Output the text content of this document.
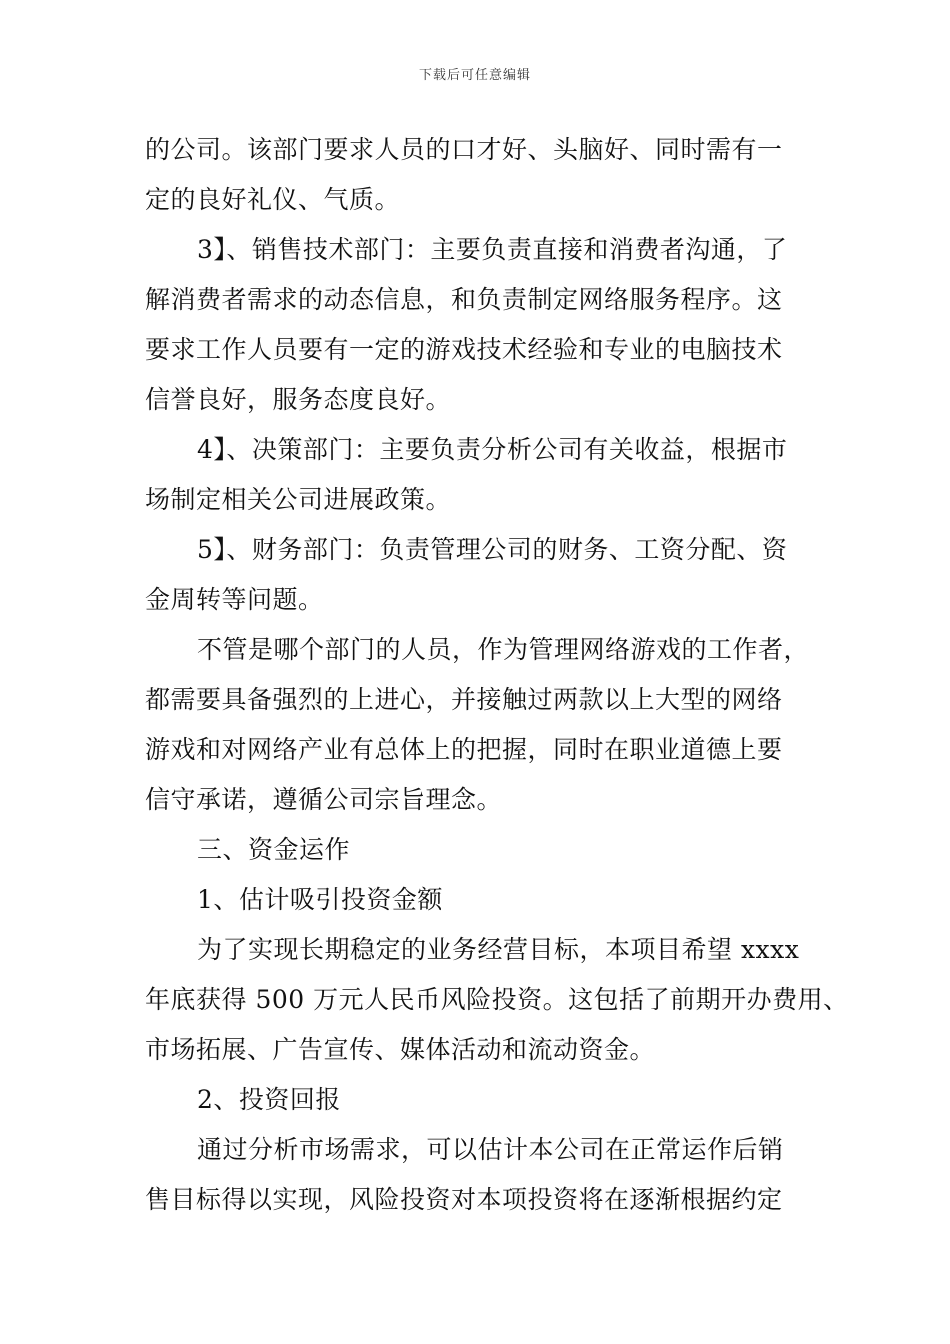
下载后可任意编辑
的公司。该部门要求人员的口才好、头脑好、同时需有一
定的良好礼仪、气质。
3】、销售技术部门：主要负责直接和消费者沟通，了
解消费者需求的动态信息，和负责制定网络服务程序。这
要求工作人员要有一定的游戏技术经验和专业的电脑技术
信誉良好，服务态度良好。
4】、决策部门：主要负责分析公司有关收益，根据市
场制定相关公司进展政策。
5】、财务部门：负责管理公司的财务、工资分配、资
金周转等问题。
不管是哪个部门的人员，作为管理网络游戏的工作者，
都需要具备强烈的上进心，并接触过两款以上大型的网络
游戏和对网络产业有总体上的把握，同时在职业道德上要
信守承诺，遵循公司宗旨理念。
三、资金运作
1、估计吸引投资金额
为了实现长期稳定的业务经营目标，本项目希望 xxxx
年底获得 500 万元人民币风险投资。这包括了前期开办费用、
市场拓展、广告宣传、媒体活动和流动资金。
2、投资回报
通过分析市场需求，可以估计本公司在正常运作后销
售目标得以实现，风险投资对本项投资将在逐渐根据约定
